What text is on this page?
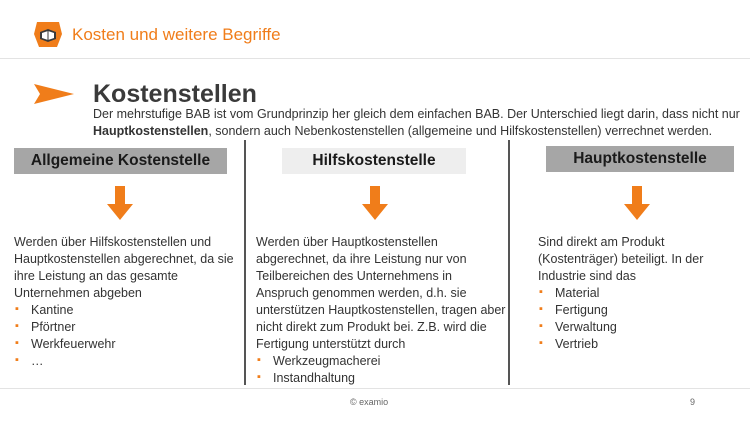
Kosten und weitere Begriffe
Kostenstellen
Der mehrstufige BAB ist vom Grundprinzip her gleich dem einfachen BAB. Der Unterschied liegt darin, dass nicht nur Hauptkostenstellen, sondern auch Nebenkostenstellen (allgemeine und Hilfskostenstellen) verrechnet werden.
Allgemeine Kostenstelle	Hilfskostenstelle	Hauptkostenstelle
Werden über Hilfskostenstellen und Hauptkostenstellen abgerechnet, da sie ihre Leistung an das gesamte Unternehmen abgeben
▪ Kantine
▪ Pförtner
▪ Werkfeuerwehr
▪ …
Werden über Hauptkostenstellen abgerechnet, da ihre Leistung nur von Teilbereichen des Unternehmens in Anspruch genommen werden, d.h. sie unterstützen Hauptkostenstellen, tragen aber nicht direkt zum Produkt bei. Z.B. wird die Fertigung unterstützt durch
▪ Werkzeugmacherei
▪ Instandhaltung
Sind direkt am Produkt (Kostenträger) beteiligt. In der Industrie sind das
▪ Material
▪ Fertigung
▪ Verwaltung
▪ Vertrieb
© examio	9
